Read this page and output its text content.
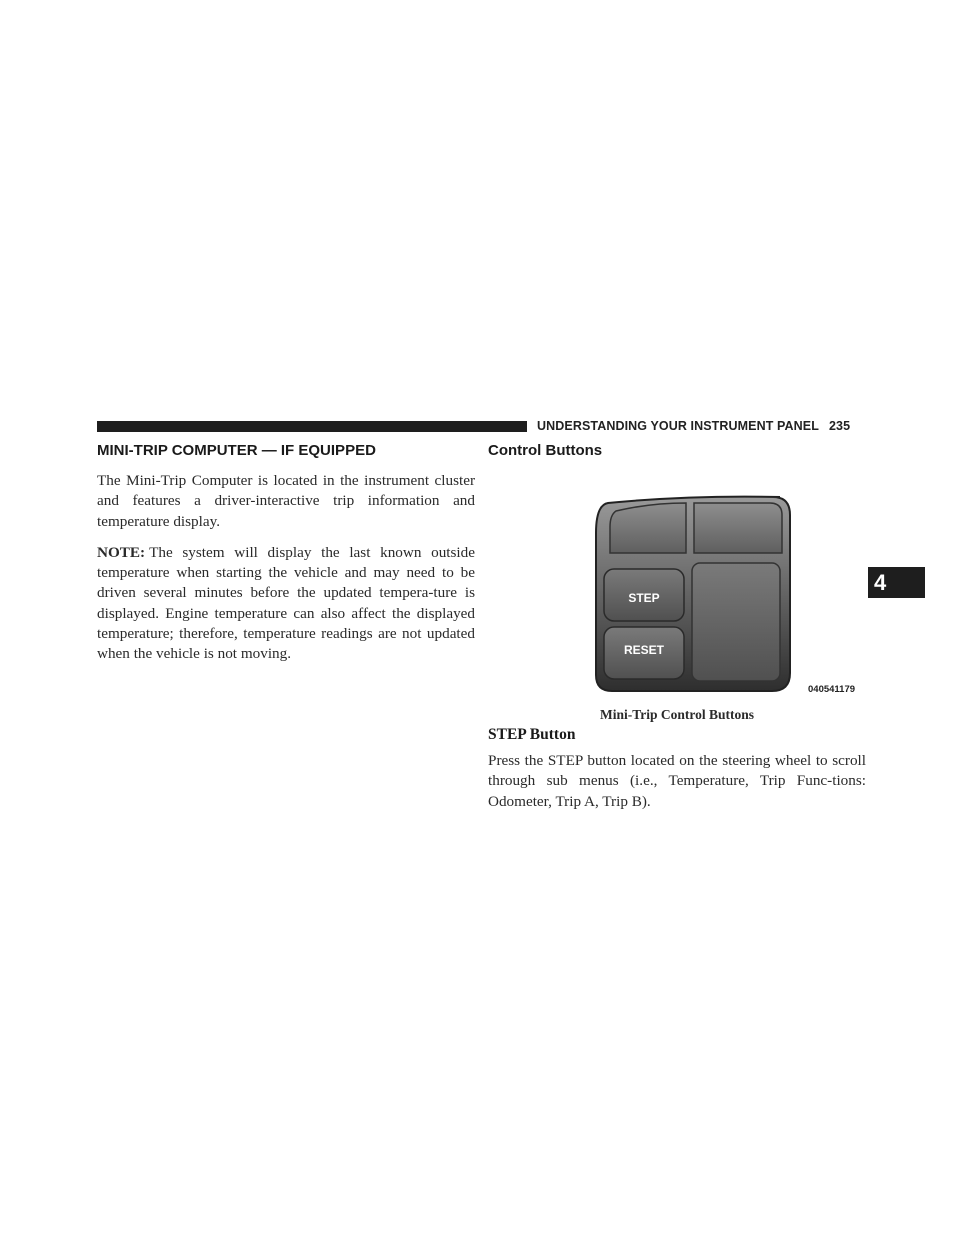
UNDERSTANDING YOUR INSTRUMENT PANEL 235
4
MINI-TRIP COMPUTER — IF EQUIPPED

The Mini-Trip Computer is located in the instrument cluster and features a driver-interactive trip information and temperature display.

NOTE: The system will display the last known outside temperature when starting the vehicle and may need to be driven several minutes before the updated tempera-ture is displayed. Engine temperature can also affect the displayed temperature; therefore, temperature readings are not updated when the vehicle is not moving.

Control Buttons
STEP
RESET
040541179
Mini-Trip Control Buttons
STEP Button

Press the STEP button located on the steering wheel to scroll through sub menus (i.e., Temperature, Trip Func-tions: Odometer, Trip A, Trip B).
